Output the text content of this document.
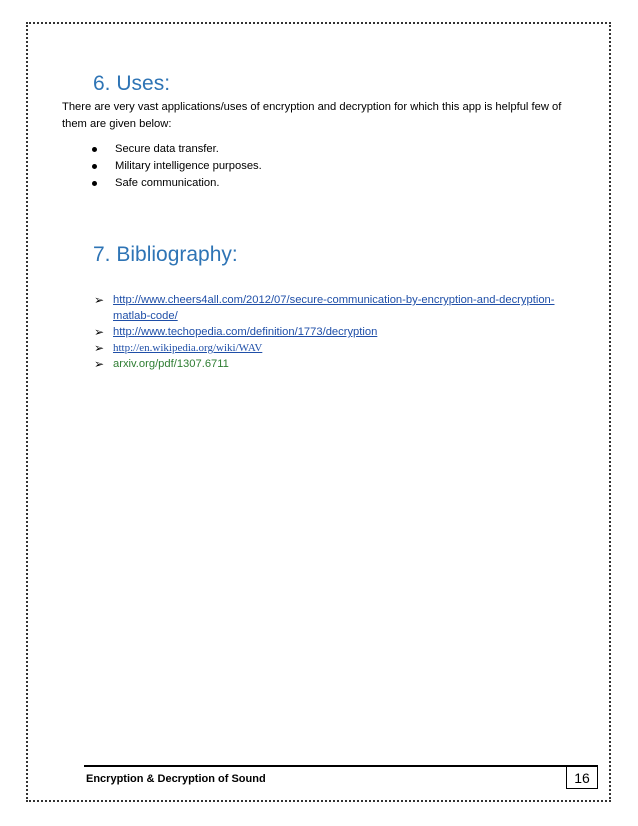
6. Uses:
There are very vast applications/uses of encryption and decryption for which this app is helpful few of them are given below:
Secure data transfer.
Military intelligence purposes.
Safe communication.
7. Bibliography:
➢ http://www.cheers4all.com/2012/07/secure-communication-by-encryption-and-decryption-matlab-code/
➢ http://www.techopedia.com/definition/1773/decryption
➢ http://en.wikipedia.org/wiki/WAV
➢ arxiv.org/pdf/1307.6711
Encryption & Decryption of Sound	16
